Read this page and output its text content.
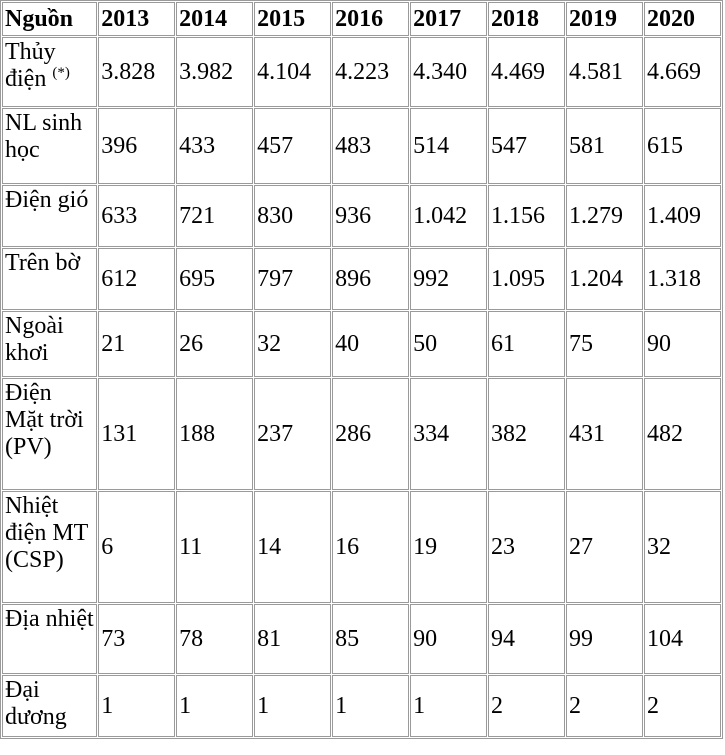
Nguồn	2013	2014	2015	2016	2017	2018	2019	2020
Thủy điện (*)	3.828	3.982	4.104	4.223	4.340	4.469	4.581	4.669
NL sinh học	396	433	457	483	514	547	581	615
Điện gió	633	721	830	936	1.042	1.156	1.279	1.409
Trên bờ	612	695	797	896	992	1.095	1.204	1.318
Ngoài khơi	21	26	32	40	50	61	75	90
Điện Mặt trời (PV)	131	188	237	286	334	382	431	482
Nhiệt điện MT (CSP)	6	11	14	16	19	23	27	32
Địa nhiệt	73	78	81	85	90	94	99	104
Đại dương	1	1	1	1	1	2	2	2
